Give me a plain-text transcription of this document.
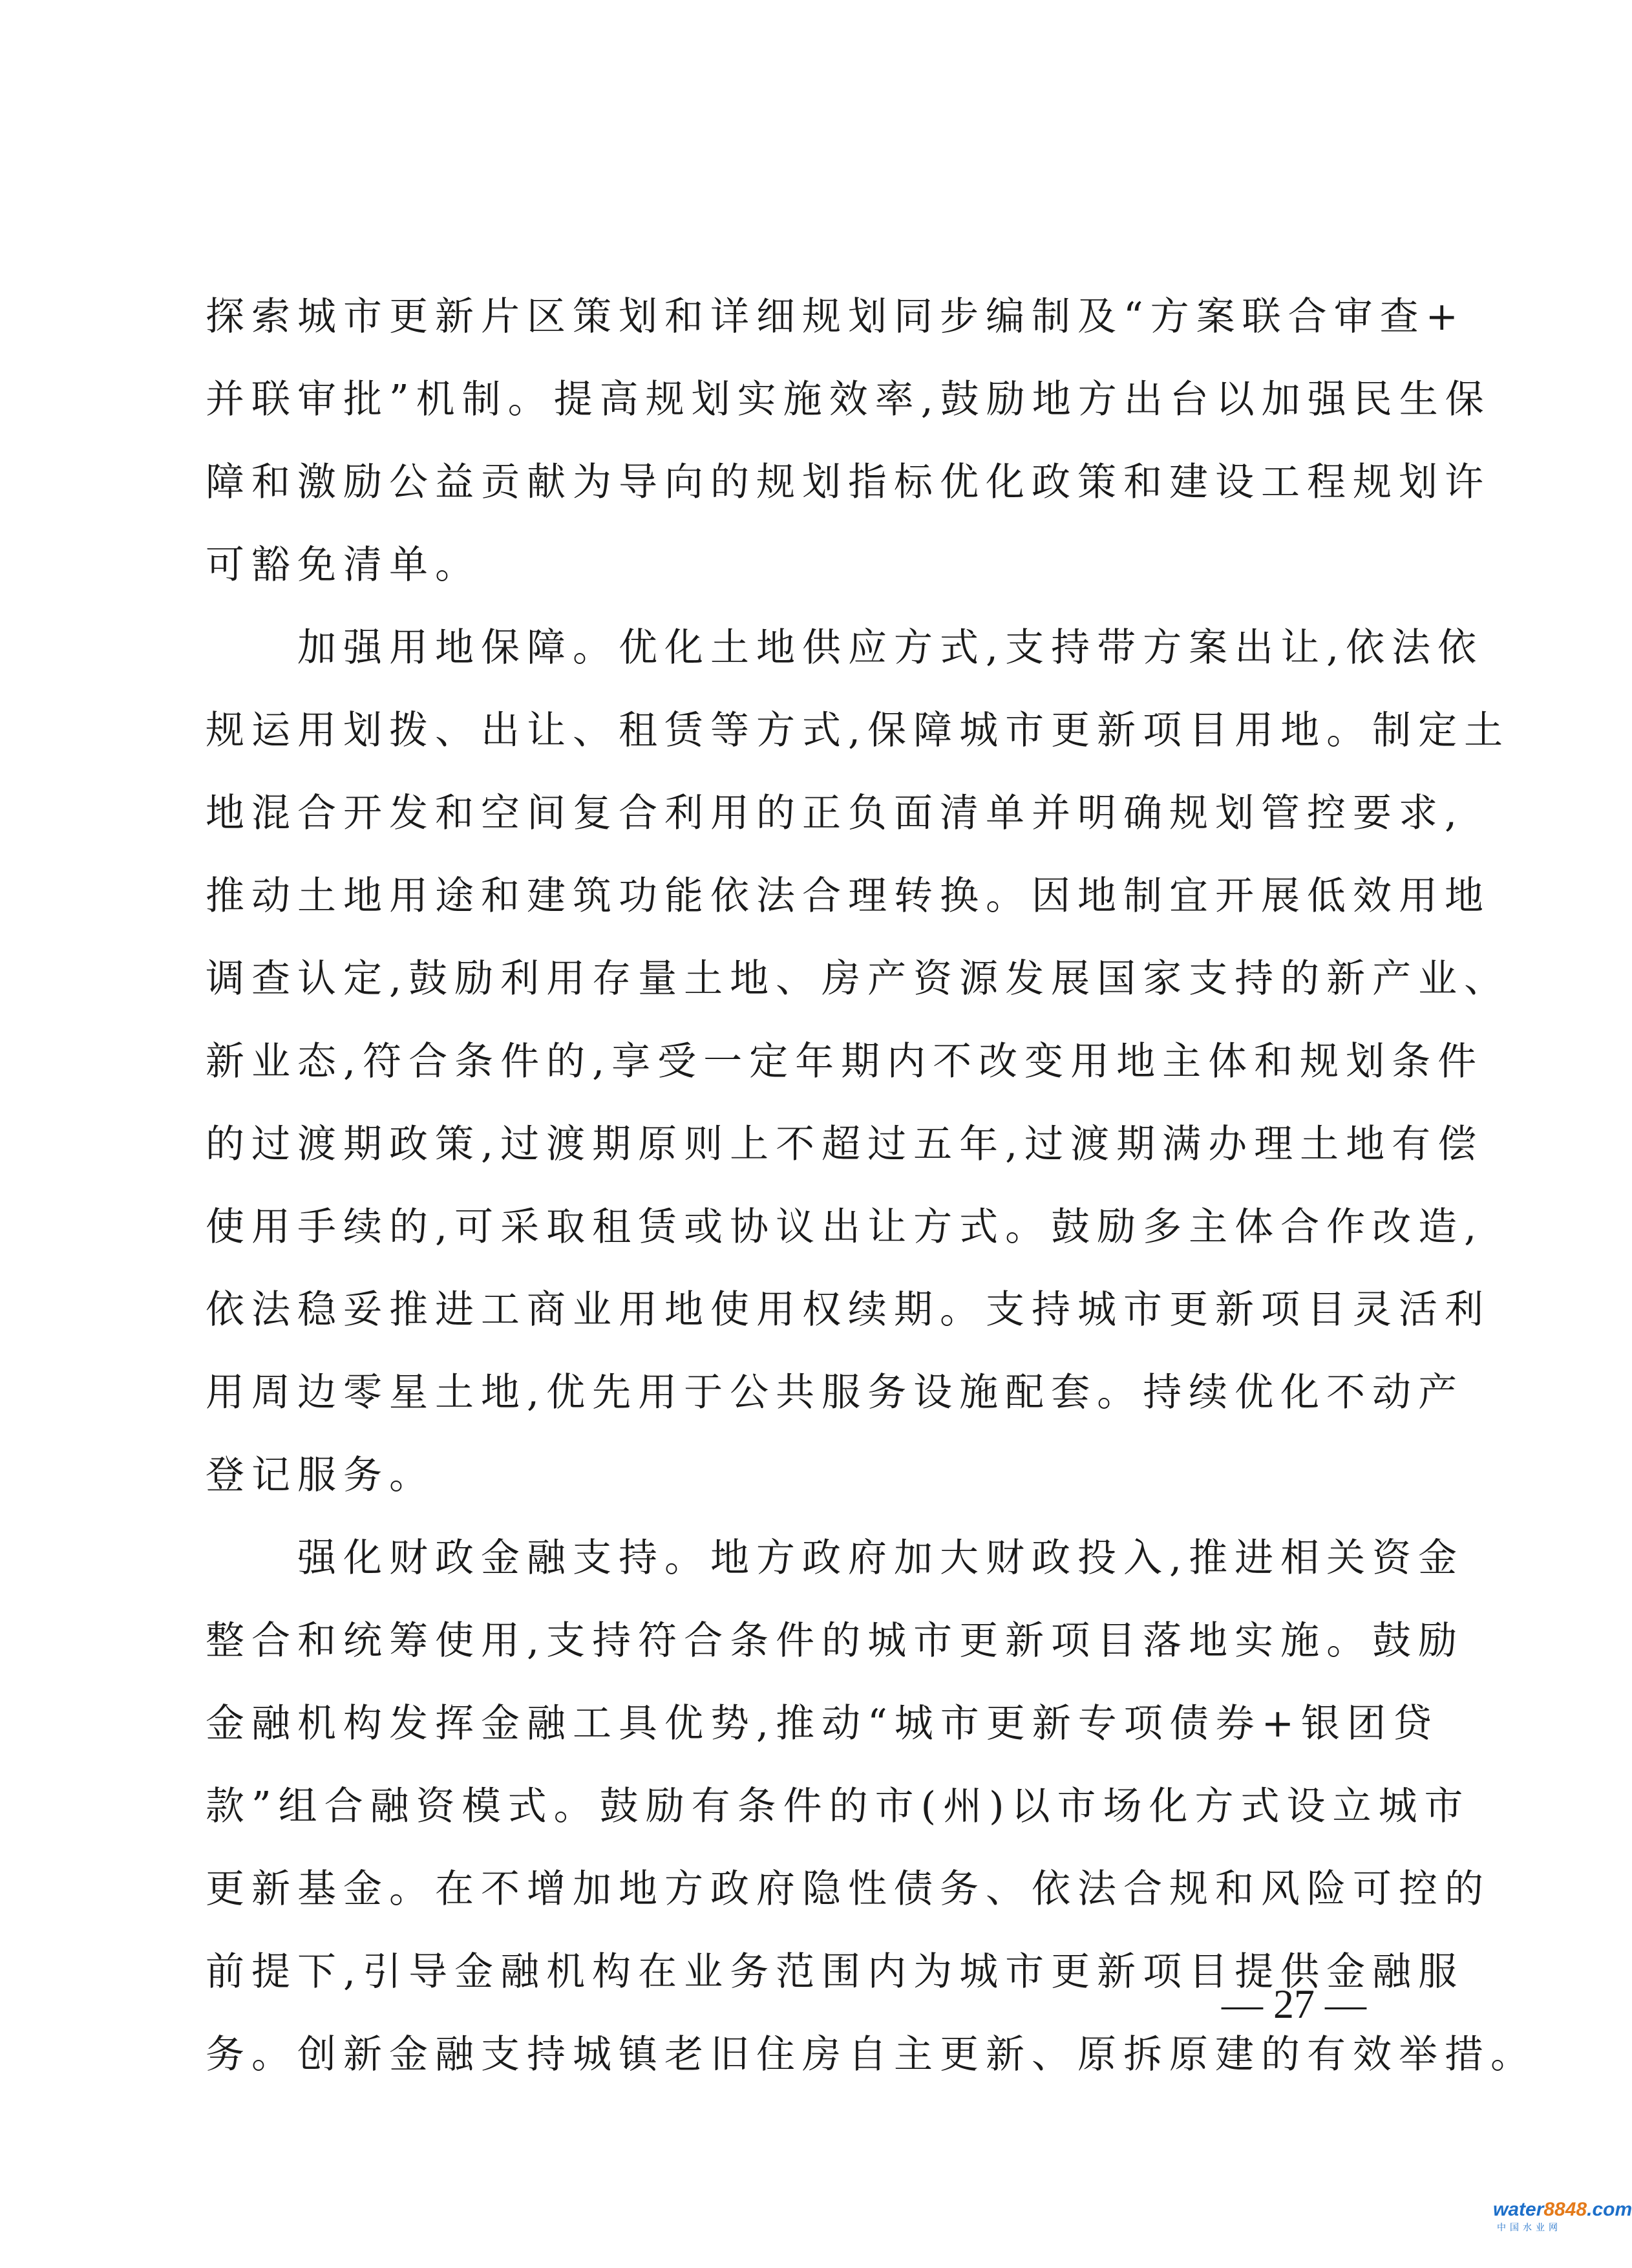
探索城市更新片区策划和详细规划同步编制及“方案联合审查+
并联审批”机制。提高规划实施效率,鼓励地方出台以加强民生保
障和激励公益贡献为导向的规划指标优化政策和建设工程规划许
可豁免清单。
　　加强用地保障。优化土地供应方式,支持带方案出让,依法依
规运用划拨、出让、租赁等方式,保障城市更新项目用地。制定土
地混合开发和空间复合利用的正负面清单并明确规划管控要求,
推动土地用途和建筑功能依法合理转换。因地制宜开展低效用地
调查认定,鼓励利用存量土地、房产资源发展国家支持的新产业、
新业态,符合条件的,享受一定年期内不改变用地主体和规划条件
的过渡期政策,过渡期原则上不超过五年,过渡期满办理土地有偿
使用手续的,可采取租赁或协议出让方式。鼓励多主体合作改造,
依法稳妥推进工商业用地使用权续期。支持城市更新项目灵活利
用周边零星土地,优先用于公共服务设施配套。持续优化不动产
登记服务。
　　强化财政金融支持。地方政府加大财政投入,推进相关资金
整合和统筹使用,支持符合条件的城市更新项目落地实施。鼓励
金融机构发挥金融工具优势,推动“城市更新专项债券+银团贷
款”组合融资模式。鼓励有条件的市(州)以市场化方式设立城市
更新基金。在不增加地方政府隐性债务、依法合规和风险可控的
前提下,引导金融机构在业务范围内为城市更新项目提供金融服
务。创新金融支持城镇老旧住房自主更新、原拆原建的有效举措。
— 27 —
water8848.com
中国水业网
